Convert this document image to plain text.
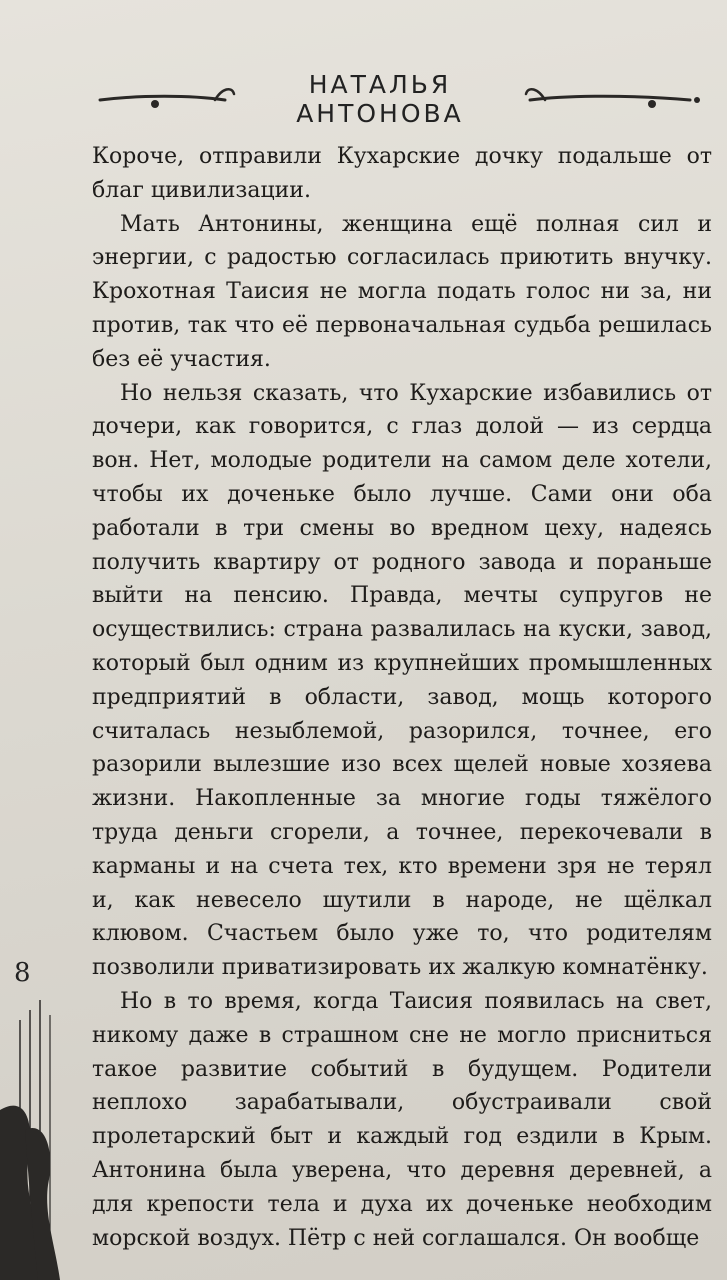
НАТАЛЬЯ АНТОНОВА

Короче, отправили Кухарские дочку подальше от благ цивилизации.

Мать Антонины, женщина ещё полная сил и энергии, с радостью согласилась приютить внучку. Крохотная Таисия не могла подать голос ни за, ни против, так что её первоначальная судьба решилась без её участия.

Но нельзя сказать, что Кухарские избавились от дочери, как говорится, с глаз долой — из сердца вон. Нет, молодые родители на самом деле хотели, чтобы их доченьке было лучше. Сами они оба работали в три смены во вредном цеху, надеясь получить квартиру от родного завода и пораньше выйти на пенсию. Правда, мечты супругов не осуществились: страна развалилась на куски, завод, который был одним из крупнейших промышленных предприятий в области, завод, мощь которого считалась незыблемой, разорился, точнее, его разорили вылезшие изо всех щелей новые хозяева жизни. Накопленные за многие годы тяжёлого труда деньги сгорели, а точнее, перекочевали в карманы и на счета тех, кто времени зря не терял и, как невесело шутили в народе, не щёлкал клювом. Счастьем было уже то, что родителям позволили приватизировать их жалкую комнатёнку.

Но в то время, когда Таисия появилась на свет, никому даже в страшном сне не могло присниться такое развитие событий в будущем. Родители неплохо зарабатывали, обустраивали свой пролетарский быт и каждый год ездили в Крым. Антонина была уверена, что деревня деревней, а для крепости тела и духа их доченьке необходим морской воздух. Пётр с ней соглашался. Он вообще

8
